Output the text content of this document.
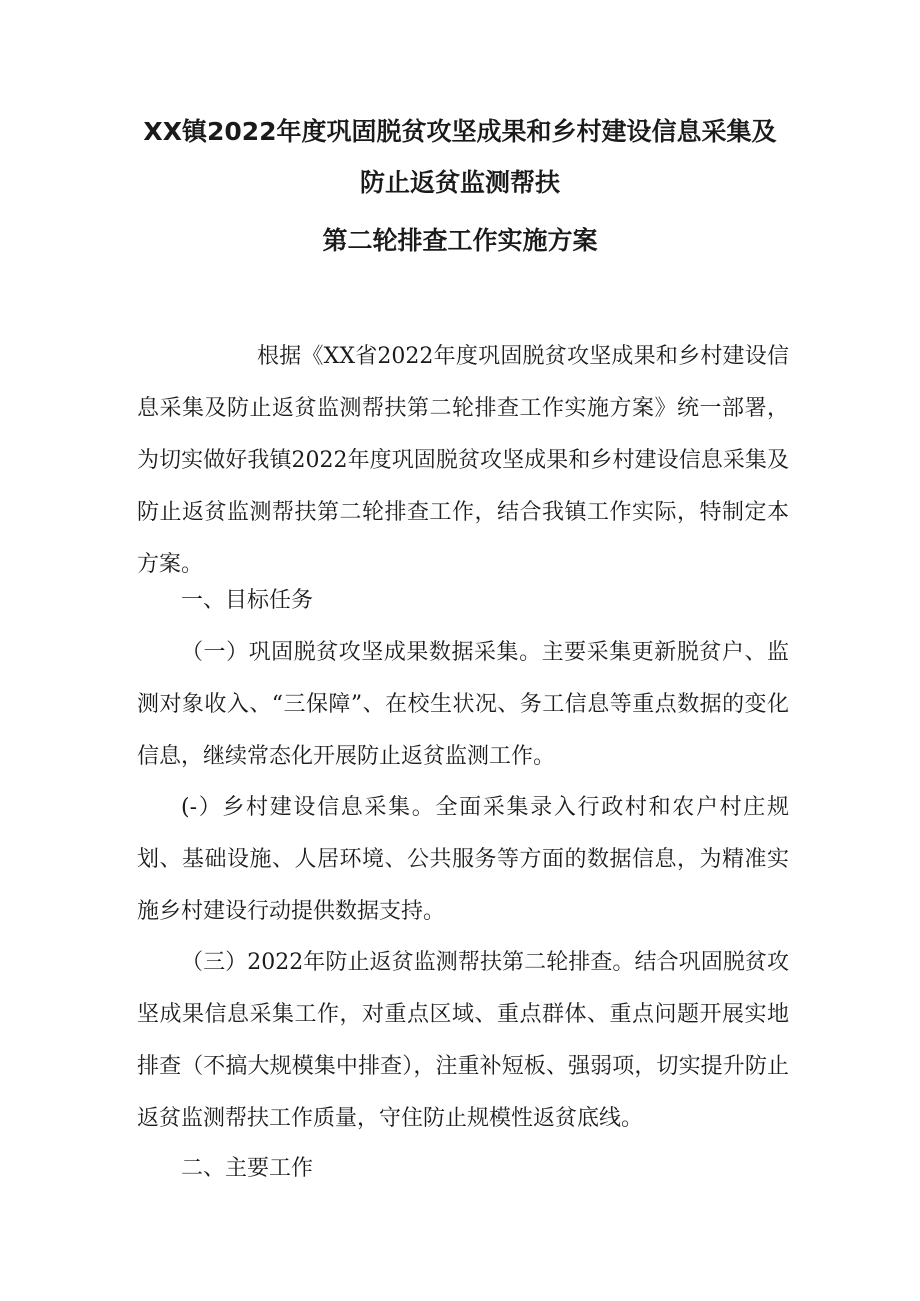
XX镇2022年度巩固脱贫攻坚成果和乡村建设信息采集及
防止返贫监测帮扶
第二轮排查工作实施方案

根据《XX省2022年度巩固脱贫攻坚成果和乡村建设信息采集及防止返贫监测帮扶第二轮排查工作实施方案》统一部署，为切实做好我镇2022年度巩固脱贫攻坚成果和乡村建设信息采集及防止返贫监测帮扶第二轮排查工作，结合我镇工作实际，特制定本方案。

一、目标任务

（一）巩固脱贫攻坚成果数据采集。主要采集更新脱贫户、监测对象收入、“三保障”、在校生状况、务工信息等重点数据的变化信息，继续常态化开展防止返贫监测工作。

(-）乡村建设信息采集。全面采集录入行政村和农户村庄规划、基础设施、人居环境、公共服务等方面的数据信息，为精准实施乡村建设行动提供数据支持。

（三）2022年防止返贫监测帮扶第二轮排查。结合巩固脱贫攻坚成果信息采集工作，对重点区域、重点群体、重点问题开展实地排查（不搞大规模集中排查），注重补短板、强弱项，切实提升防止返贫监测帮扶工作质量，守住防止规模性返贫底线。

二、主要工作
